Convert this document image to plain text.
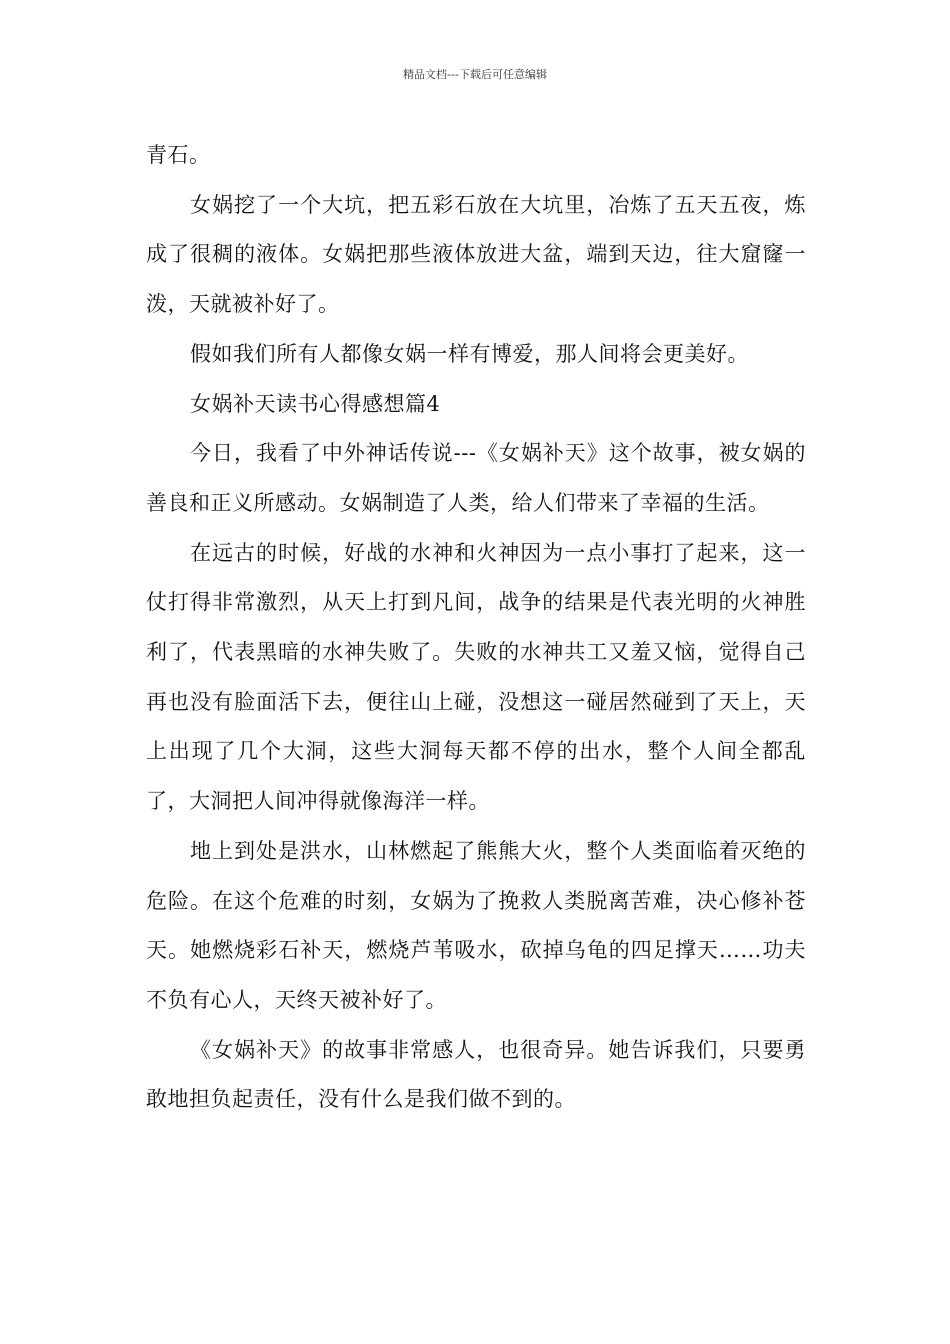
精品文档---下载后可任意编辑

青石。

女娲挖了一个大坑，把五彩石放在大坑里，冶炼了五天五夜，炼成了很稠的液体。女娲把那些液体放进大盆，端到天边，往大窟窿一泼，天就被补好了。

假如我们所有人都像女娲一样有博爱，那人间将会更美好。

女娲补天读书心得感想篇4

今日，我看了中外神话传说---《女娲补天》这个故事，被女娲的善良和正义所感动。女娲制造了人类，给人们带来了幸福的生活。

在远古的时候，好战的水神和火神因为一点小事打了起来，这一仗打得非常激烈，从天上打到凡间，战争的结果是代表光明的火神胜利了，代表黑暗的水神失败了。失败的水神共工又羞又恼，觉得自己再也没有脸面活下去，便往山上碰，没想这一碰居然碰到了天上，天上出现了几个大洞，这些大洞每天都不停的出水，整个人间全都乱了，大洞把人间冲得就像海洋一样。

地上到处是洪水，山林燃起了熊熊大火，整个人类面临着灭绝的危险。在这个危难的时刻，女娲为了挽救人类脱离苦难，决心修补苍天。她燃烧彩石补天，燃烧芦苇吸水，砍掉乌龟的四足撑天……功夫不负有心人，天终天被补好了。

《女娲补天》的故事非常感人，也很奇异。她告诉我们，只要勇敢地担负起责任，没有什么是我们做不到的。
